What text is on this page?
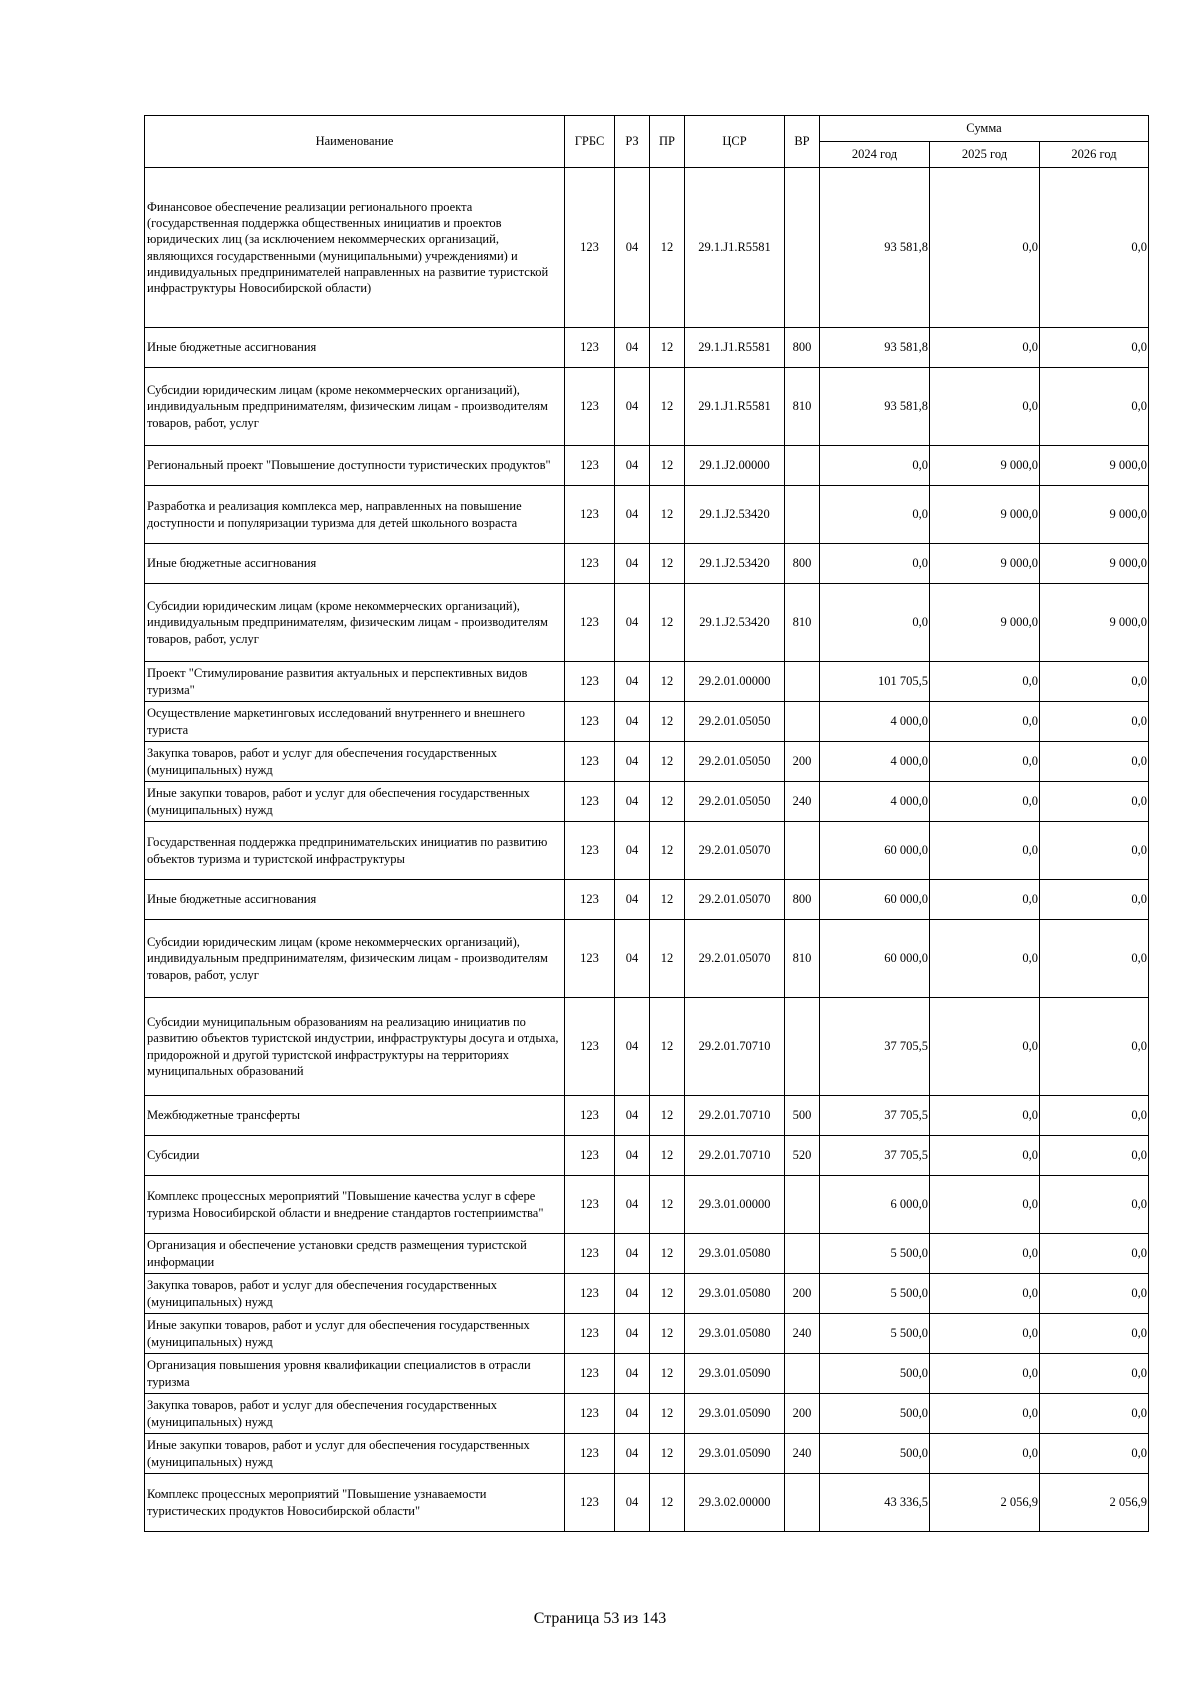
Наименование	ГРБС	РЗ	ПР	ЦСР	ВР	Сумма		
						2024 год	2025 год	2026 год
Финансовое обеспечение реализации регионального проекта (государственная поддержка общественных инициатив и проектов юридических лиц (за исключением некоммерческих организаций, являющихся государственными (муниципальными) учреждениями) и индивидуальных предпринимателей направленных на развитие туристской инфраструктуры Новосибирской области)	123	04	12	29.1.J1.R5581		93 581,8	0,0	0,0
Иные бюджетные ассигнования	123	04	12	29.1.J1.R5581	800	93 581,8	0,0	0,0
Субсидии юридическим лицам (кроме некоммерческих организаций), индивидуальным предпринимателям, физическим лицам - производителям товаров, работ, услуг	123	04	12	29.1.J1.R5581	810	93 581,8	0,0	0,0
Региональный проект "Повышение доступности туристических продуктов"	123	04	12	29.1.J2.00000		0,0	9 000,0	9 000,0
Разработка и реализация комплекса мер, направленных на повышение доступности и популяризации туризма для детей школьного возраста	123	04	12	29.1.J2.53420		0,0	9 000,0	9 000,0
Иные бюджетные ассигнования	123	04	12	29.1.J2.53420	800	0,0	9 000,0	9 000,0
Субсидии юридическим лицам (кроме некоммерческих организаций), индивидуальным предпринимателям, физическим лицам - производителям товаров, работ, услуг	123	04	12	29.1.J2.53420	810	0,0	9 000,0	9 000,0
Проект "Стимулирование развития актуальных и перспективных видов туризма"	123	04	12	29.2.01.00000		101 705,5	0,0	0,0
Осуществление маркетинговых исследований внутреннего и внешнего туриста	123	04	12	29.2.01.05050		4 000,0	0,0	0,0
Закупка товаров, работ и услуг для обеспечения государственных (муниципальных) нужд	123	04	12	29.2.01.05050	200	4 000,0	0,0	0,0
Иные закупки товаров, работ и услуг для обеспечения государственных (муниципальных) нужд	123	04	12	29.2.01.05050	240	4 000,0	0,0	0,0
Государственная поддержка предпринимательских инициатив по развитию объектов туризма и туристской инфраструктуры	123	04	12	29.2.01.05070		60 000,0	0,0	0,0
Иные бюджетные ассигнования	123	04	12	29.2.01.05070	800	60 000,0	0,0	0,0
Субсидии юридическим лицам (кроме некоммерческих организаций), индивидуальным предпринимателям, физическим лицам - производителям товаров, работ, услуг	123	04	12	29.2.01.05070	810	60 000,0	0,0	0,0
Субсидии муниципальным образованиям на реализацию инициатив по развитию объектов туристской индустрии, инфраструктуры досуга и отдыха, придорожной и другой туристской инфраструктуры на территориях муниципальных образований	123	04	12	29.2.01.70710		37 705,5	0,0	0,0
Межбюджетные трансферты	123	04	12	29.2.01.70710	500	37 705,5	0,0	0,0
Субсидии	123	04	12	29.2.01.70710	520	37 705,5	0,0	0,0
Комплекс процессных мероприятий "Повышение качества услуг в сфере туризма Новосибирской области и внедрение стандартов гостеприимства"	123	04	12	29.3.01.00000		6 000,0	0,0	0,0
Организация и обеспечение установки средств размещения туристской информации	123	04	12	29.3.01.05080		5 500,0	0,0	0,0
Закупка товаров, работ и услуг для обеспечения государственных (муниципальных) нужд	123	04	12	29.3.01.05080	200	5 500,0	0,0	0,0
Иные закупки товаров, работ и услуг для обеспечения государственных (муниципальных) нужд	123	04	12	29.3.01.05080	240	5 500,0	0,0	0,0
Организация повышения уровня квалификации специалистов в отрасли туризма	123	04	12	29.3.01.05090		500,0	0,0	0,0
Закупка товаров, работ и услуг для обеспечения государственных (муниципальных) нужд	123	04	12	29.3.01.05090	200	500,0	0,0	0,0
Иные закупки товаров, работ и услуг для обеспечения государственных (муниципальных) нужд	123	04	12	29.3.01.05090	240	500,0	0,0	0,0
Комплекс процессных мероприятий "Повышение узнаваемости туристических продуктов Новосибирской области"	123	04	12	29.3.02.00000		43 336,5	2 056,9	2 056,9
Страница 53 из 143
